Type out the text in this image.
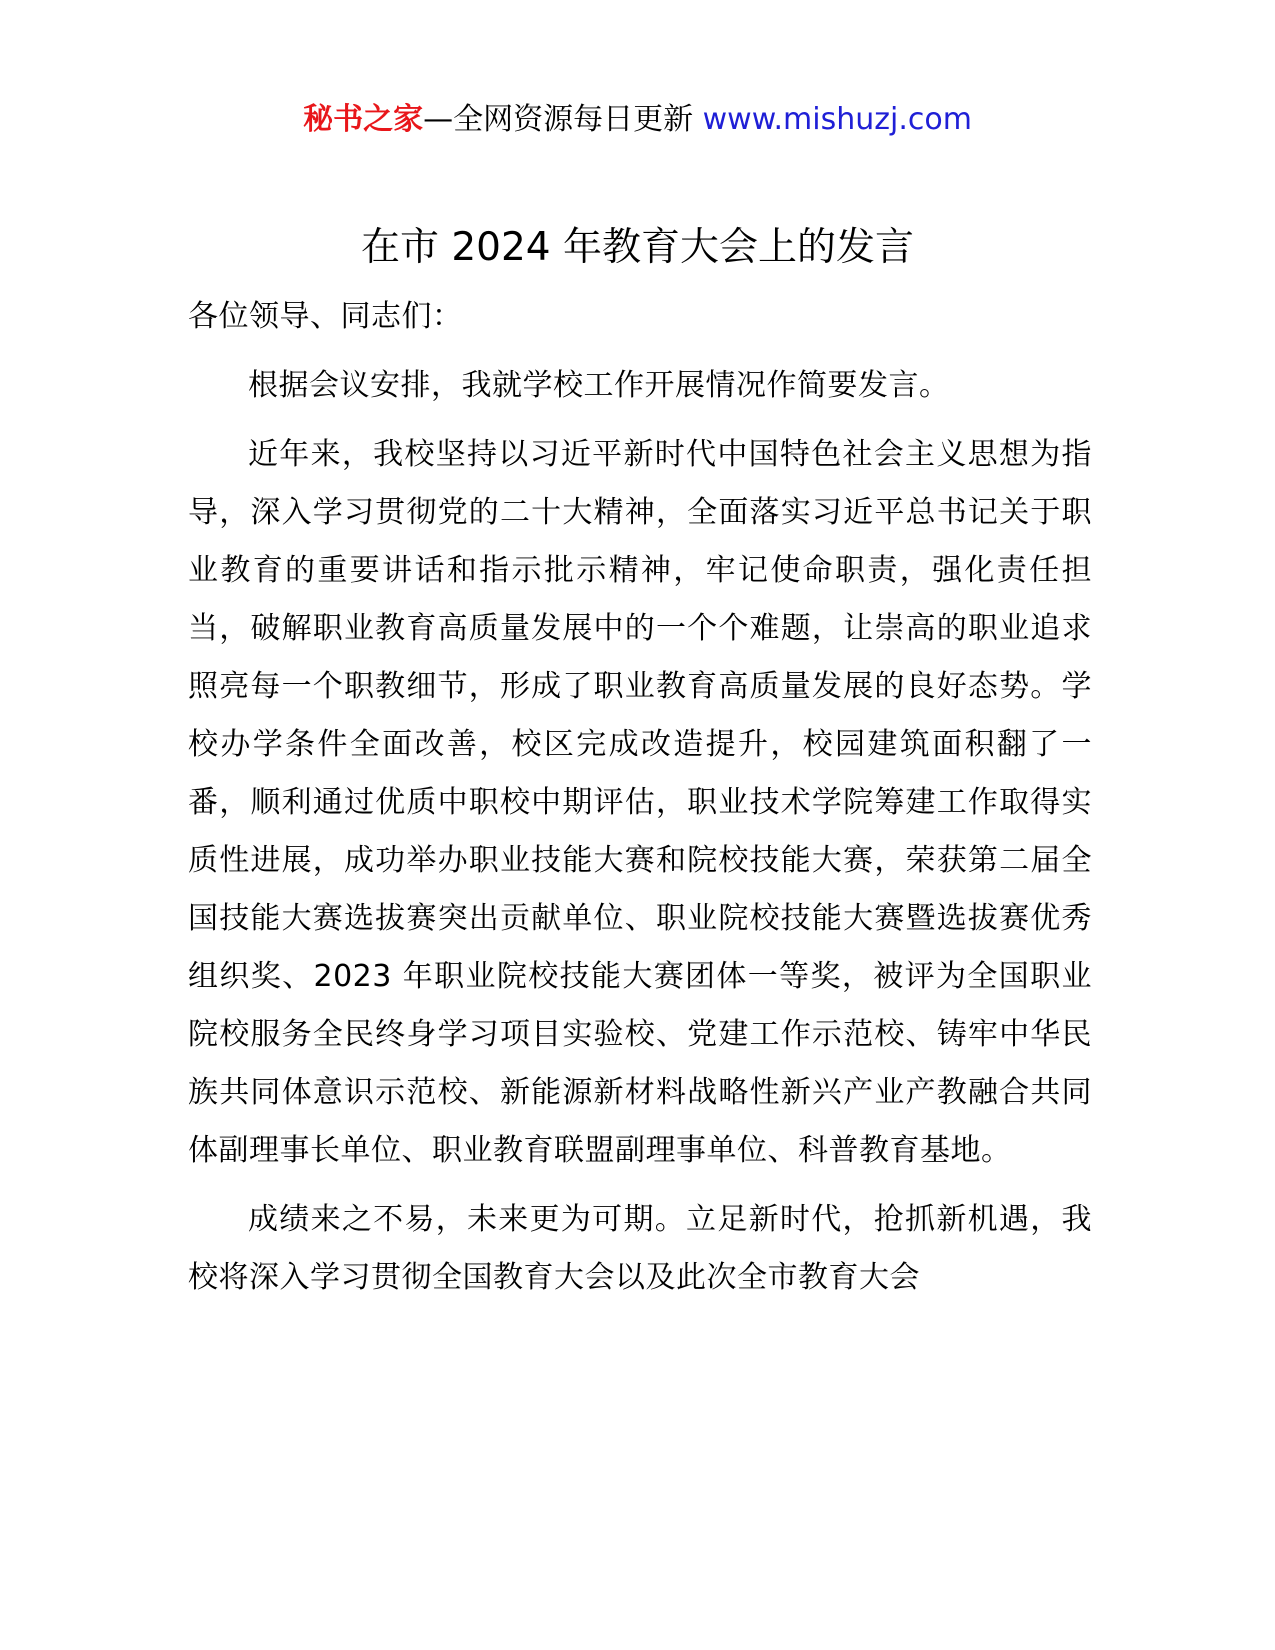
秘书之家—全网资源每日更新 www.mishuzj.com
在市 2024 年教育大会上的发言

各位领导、同志们：

根据会议安排，我就学校工作开展情况作简要发言。

近年来，我校坚持以习近平新时代中国特色社会主义思想为指导，深入学习贯彻党的二十大精神，全面落实习近平总书记关于职业教育的重要讲话和指示批示精神，牢记使命职责，强化责任担当，破解职业教育高质量发展中的一个个难题，让崇高的职业追求照亮每一个职教细节，形成了职业教育高质量发展的良好态势。学校办学条件全面改善，校区完成改造提升，校园建筑面积翻了一番，顺利通过优质中职校中期评估，职业技术学院筹建工作取得实质性进展，成功举办职业技能大赛和院校技能大赛，荣获第二届全国技能大赛选拔赛突出贡献单位、职业院校技能大赛暨选拔赛优秀组织奖、2023 年职业院校技能大赛团体一等奖，被评为全国职业院校服务全民终身学习项目实验校、党建工作示范校、铸牢中华民族共同体意识示范校、新能源新材料战略性新兴产业产教融合共同体副理事长单位、职业教育联盟副理事单位、科普教育基地。

成绩来之不易，未来更为可期。立足新时代，抢抓新机遇，我校将深入学习贯彻全国教育大会以及此次全市教育大会
